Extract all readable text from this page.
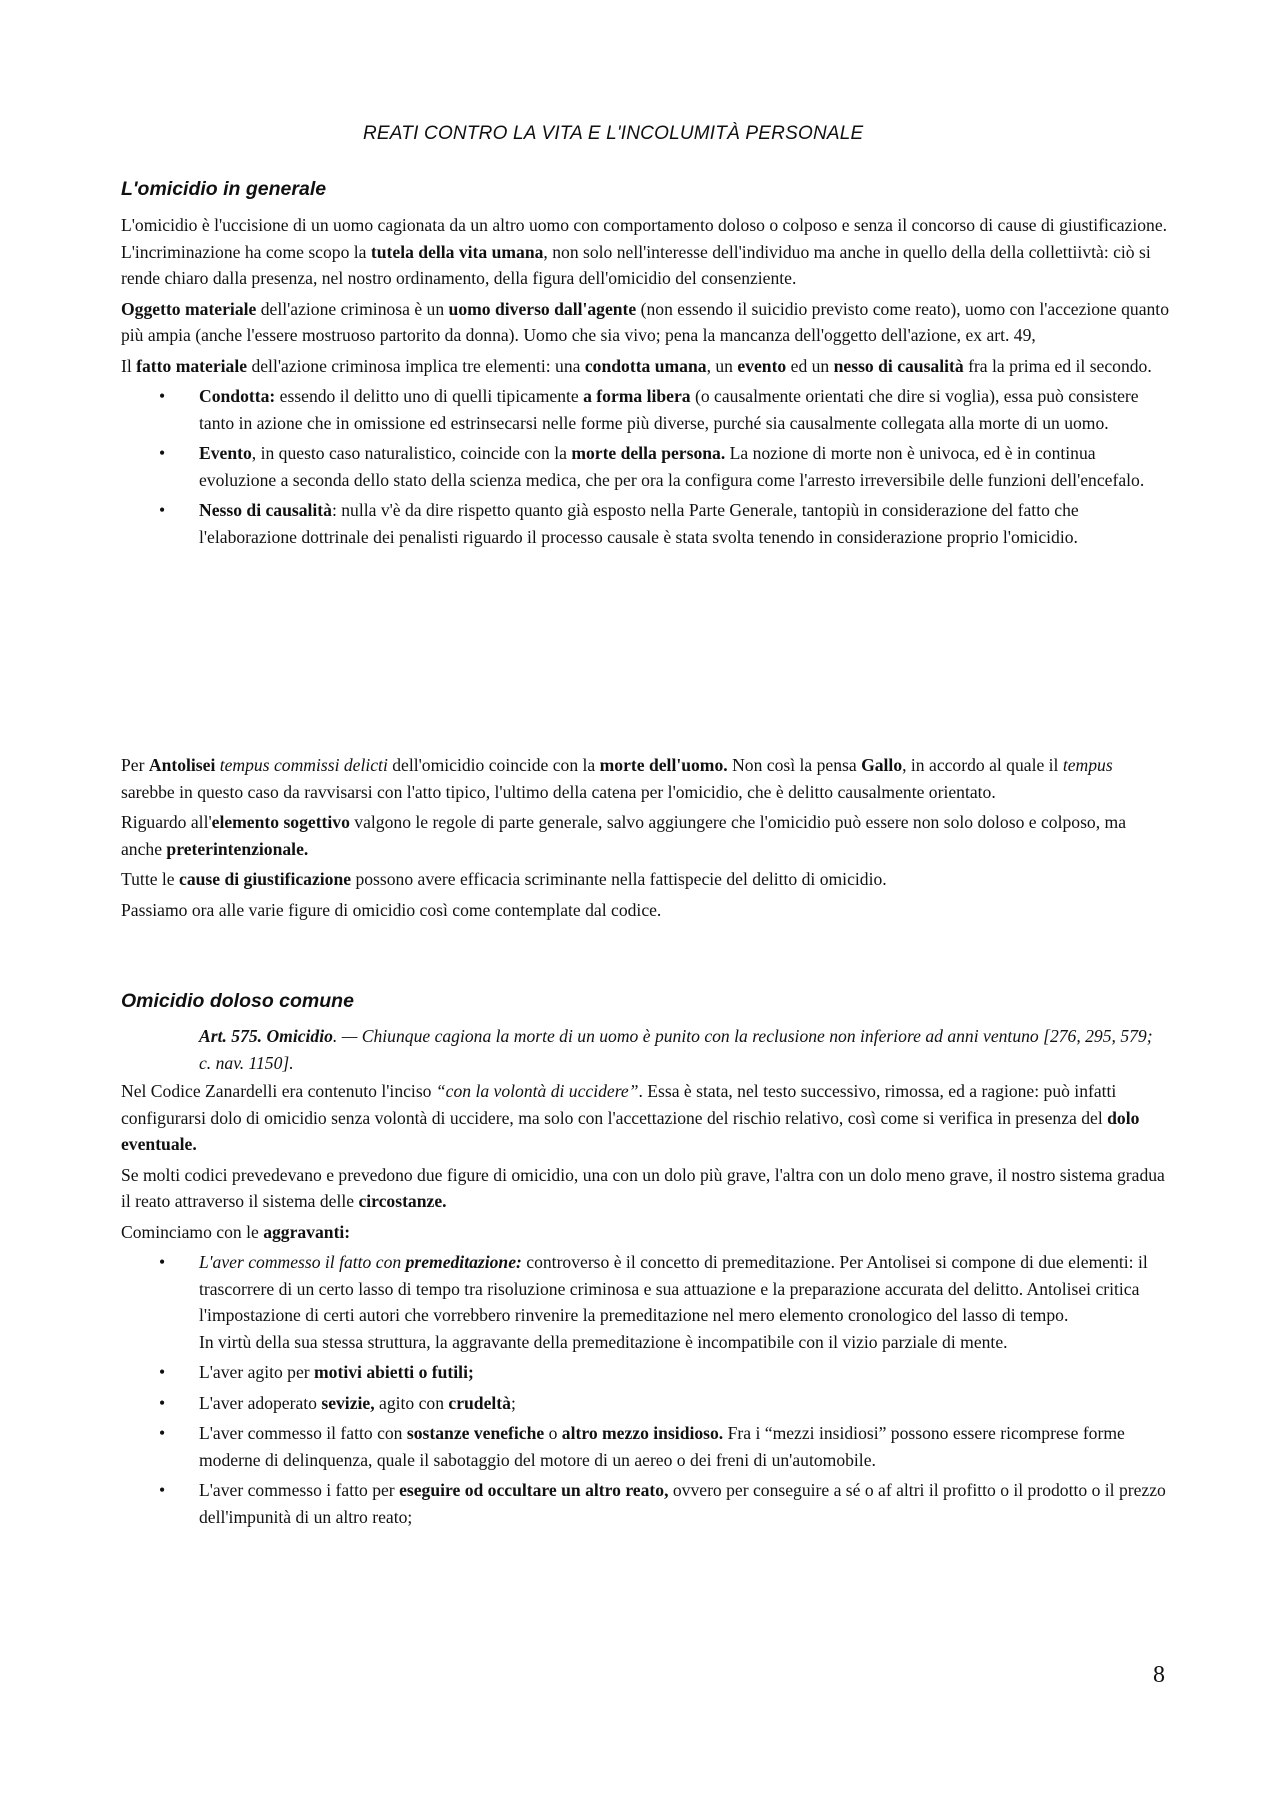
REATI CONTRO LA VITA E L'INCOLUMITÀ PERSONALE
L'omicidio in generale

L'omicidio è l'uccisione di un uomo cagionata da un altro uomo con comportamento doloso o colposo e senza il concorso di cause di giustificazione. L'incriminazione ha come scopo la tutela della vita umana, non solo nell'interesse dell'individuo ma anche in quello della della collettiivtà: ciò si rende chiaro dalla presenza, nel nostro ordinamento, della figura dell'omicidio del consenziente.

Oggetto materiale dell'azione criminosa è un uomo diverso dall'agente (non essendo il suicidio previsto come reato), uomo con l'accezione quanto più ampia (anche l'essere mostruoso partorito da donna). Uomo che sia vivo; pena la mancanza dell'oggetto dell'azione, ex art. 49,

Il fatto materiale dell'azione criminosa implica tre elementi: una condotta umana, un evento ed un nesso di causalità fra la prima ed il secondo.

• Condotta: essendo il delitto uno di quelli tipicamente a forma libera (o causalmente orientati che dire si voglia), essa può consistere tanto in azione che in omissione ed estrinsecarsi nelle forme più diverse, purché sia causalmente collegata alla morte di un uomo.
• Evento, in questo caso naturalistico, coincide con la morte della persona. La nozione di morte non è univoca, ed è in continua evoluzione a seconda dello stato della scienza medica, che per ora la configura come l'arresto irreversibile delle funzioni dell'encefalo.
• Nesso di causalità: nulla v'è da dire rispetto quanto già esposto nella Parte Generale, tantopiù in considerazione del fatto che l'elaborazione dottrinale dei penalisti riguardo il processo causale è stata svolta tenendo in considerazione proprio l'omicidio.

Per Antolisei tempus commissi delicti dell'omicidio coincide con la morte dell'uomo. Non così la pensa Gallo, in accordo al quale il tempus sarebbe in questo caso da ravvisarsi con l'atto tipico, l'ultimo della catena per l'omicidio, che è delitto causalmente orientato.

Riguardo all'elemento sogettivo valgono le regole di parte generale, salvo aggiungere che l'omicidio può essere non solo doloso e colposo, ma anche preterintenzionale.

Tutte le cause di giustificazione possono avere efficacia scriminante nella fattispecie del delitto di omicidio.

Passiamo ora alle varie figure di omicidio così come contemplate dal codice.

Omicidio doloso comune

Art. 575. Omicidio. — Chiunque cagiona la morte di un uomo è punito con la reclusione non inferiore ad anni ventuno [276, 295, 579; c. nav. 1150].

Nel Codice Zanardelli era contenuto l'inciso “con la volontà di uccidere”. Essa è stata, nel testo successivo, rimossa, ed a ragione: può infatti configurarsi dolo di omicidio senza volontà di uccidere, ma solo con l'accettazione del rischio relativo, così come si verifica in presenza del dolo eventuale.

Se molti codici prevedevano e prevedono due figure di omicidio, una con un dolo più grave, l'altra con un dolo meno grave, il nostro sistema gradua il reato attraverso il sistema delle circostanze.

Cominciamo con le aggravanti:

• L'aver commesso il fatto con premeditazione: controverso è il concetto di premeditazione. Per Antolisei si compone di due elementi: il trascorrere di un certo lasso di tempo tra risoluzione criminosa e sua attuazione e la preparazione accurata del delitto. Antolisei critica l'impostazione di certi autori che vorrebbero rinvenire la premeditazione nel mero elemento cronologico del lasso di tempo.
In virtù della sua stessa struttura, la aggravante della premeditazione è incompatibile con il vizio parziale di mente.
• L'aver agito per motivi abietti o futili;
• L'aver adoperato sevizie, agito con crudeltà;
• L'aver commesso il fatto con sostanze venefiche o altro mezzo insidioso. Fra i “mezzi insidiosi” possono essere ricomprese forme moderne di delinquenza, quale il sabotaggio del motore di un aereo o dei freni di un'automobile.
• L'aver commesso i fatto per eseguire od occultare un altro reato, ovvero per conseguire a sé o af altri il profitto o il prodotto o il prezzo dell'impunità di un altro reato;
8
